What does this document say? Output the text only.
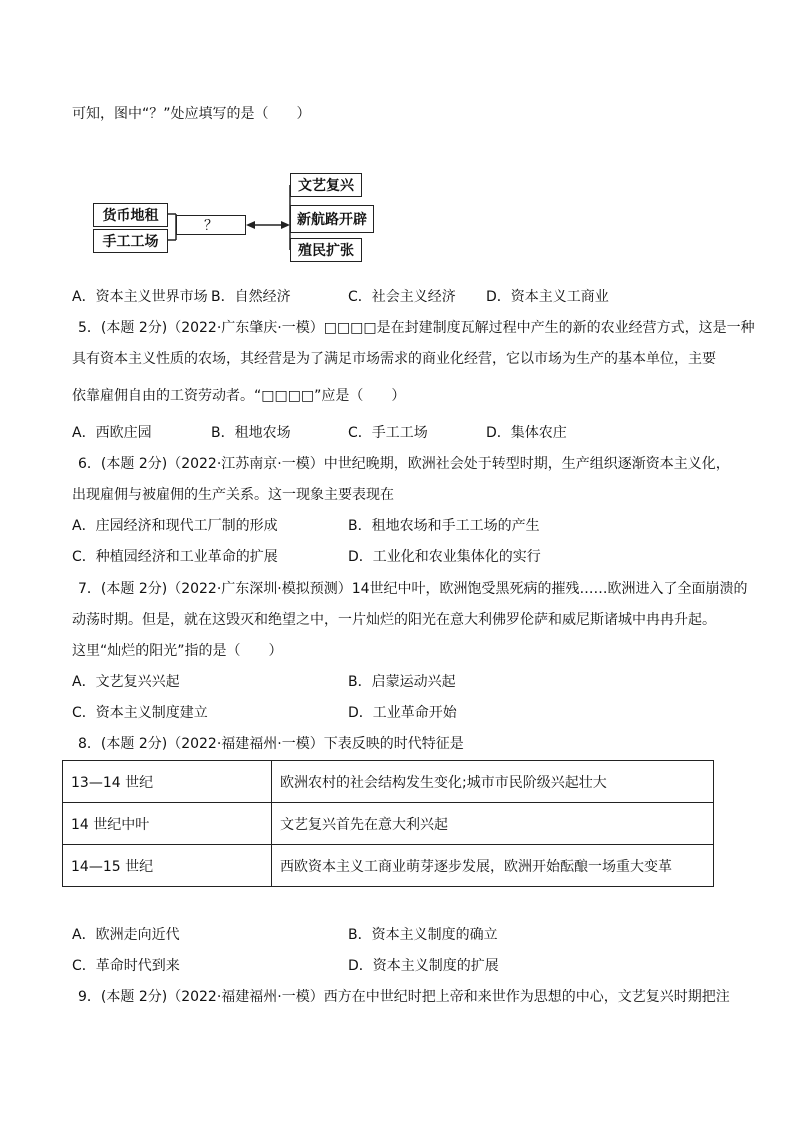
可知，图中“？”处应填写的是（　　）
货币地租
手工工场
？
文艺复兴
新航路开辟
殖民扩张
A．资本主义世界市场 B．自然经济	C．社会主义经济 D．资本主义工商业
5．(本题 2分)（2022·广东肇庆·一模）□□□□是在封建制度瓦解过程中产生的新的农业经营方式，这是一种
具有资本主义性质的农场，其经营是为了满足市场需求的商业化经营，它以市场为生产的基本单位，主要
依靠雇佣自由的工资劳动者。“□□□□”应是（　　）
A．西欧庄园	B．租地农场	C．手工工场	D．集体农庄
6．(本题 2分)（2022·江苏南京·一模）中世纪晚期，欧洲社会处于转型时期，生产组织逐渐资本主义化，
出现雇佣与被雇佣的生产关系。这一现象主要表现在
A．庄园经济和现代工厂制的形成	B．租地农场和手工工场的产生
C．种植园经济和工业革命的扩展	D．工业化和农业集体化的实行
7．(本题 2分)（2022·广东深圳·模拟预测）14世纪中叶，欧洲饱受黑死病的摧残……欧洲进入了全面崩溃的
动荡时期。但是，就在这毁灭和绝望之中，一片灿烂的阳光在意大利佛罗伦萨和威尼斯诸城中冉冉升起。
这里“灿烂的阳光”指的是（　　）
A．文艺复兴兴起	B．启蒙运动兴起
C．资本主义制度建立	D．工业革命开始
8．(本题 2分)（2022·福建福州·一模）下表反映的时代特征是
13—14 世纪	欧洲农村的社会结构发生变化;城市市民阶级兴起壮大
14 世纪中叶	文艺复兴首先在意大利兴起
14—15 世纪	西欧资本主义工商业萌芽逐步发展，欧洲开始酝酿一场重大变革
A．欧洲走向近代	B．资本主义制度的确立
C．革命时代到来	D．资本主义制度的扩展
9．(本题 2分)（2022·福建福州·一模）西方在中世纪时把上帝和来世作为思想的中心，文艺复兴时期把注
